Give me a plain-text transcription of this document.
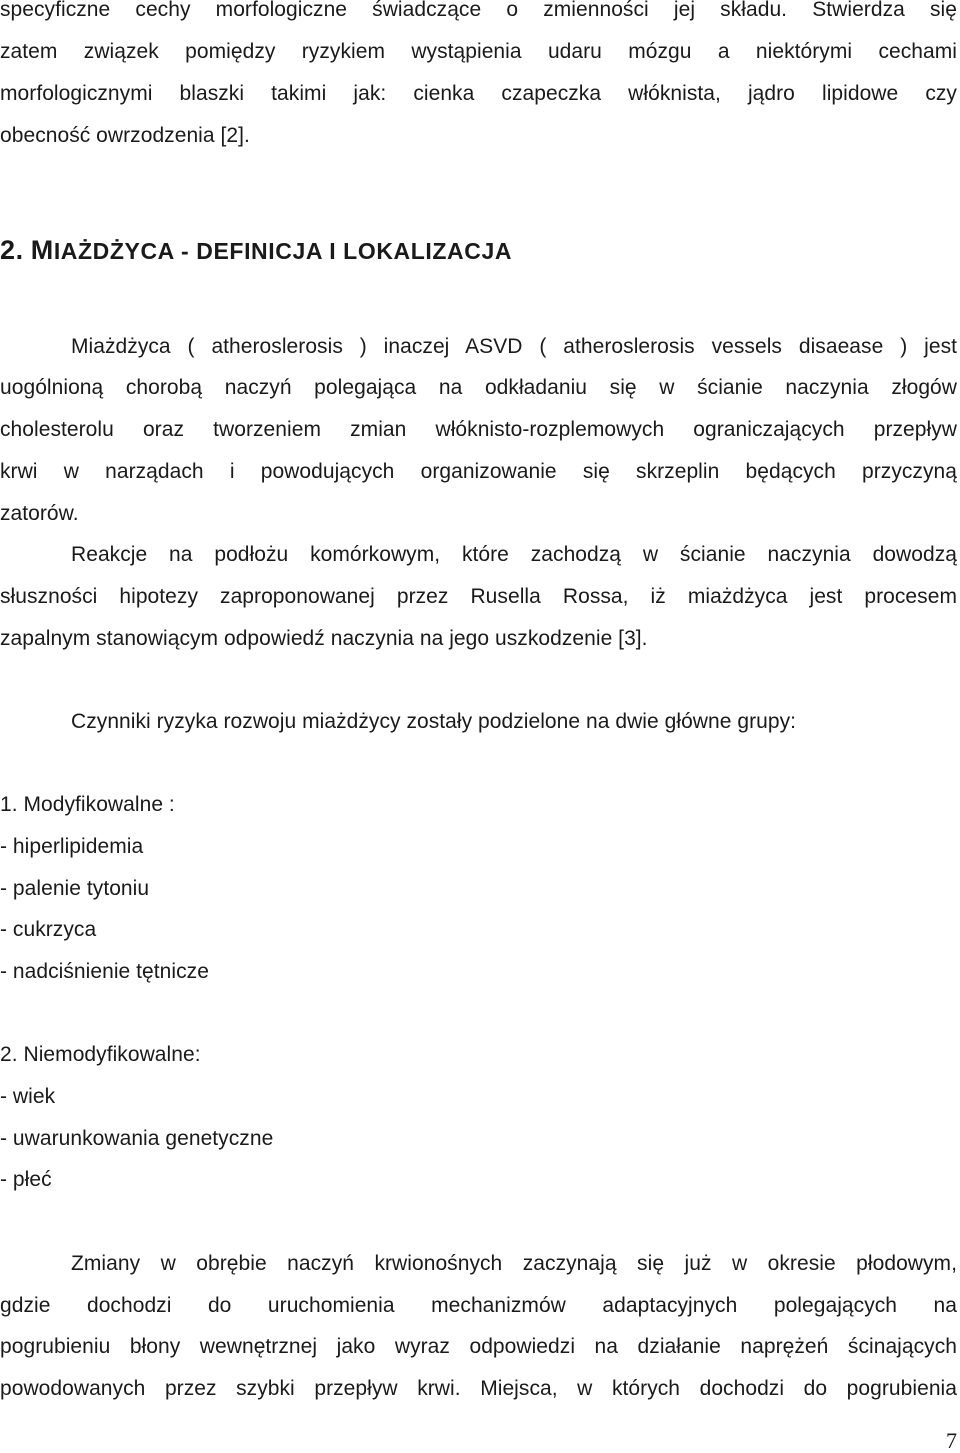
specyficzne cechy morfologiczne świadczące o zmienności jej składu. Stwierdza się
zatem związek pomiędzy ryzykiem wystąpienia udaru mózgu a niektórymi cechami
morfologicznymi blaszki takimi jak: cienka czapeczka włóknista, jądro lipidowe czy
obecność owrzodzenia [2].
2. MIAŻDŻYCA - DEFINICJA I LOKALIZACJA
Miażdżyca ( atheroslerosis ) inaczej ASVD ( atheroslerosis vessels disaease ) jest
uogólnioną chorobą naczyń polegająca na odkładaniu się w ścianie naczynia złogów
cholesterolu oraz tworzeniem zmian włóknisto-rozplemowych ograniczających przepływ
krwi w narządach i powodujących organizowanie się skrzeplin będących przyczyną
zatorów.
Reakcje na podłożu komórkowym, które zachodzą w ścianie naczynia dowodzą
słuszności hipotezy zaproponowanej przez Rusella Rossa, iż miażdżyca jest procesem
zapalnym stanowiącym odpowiedź naczynia na jego uszkodzenie [3].
Czynniki ryzyka rozwoju miażdżycy zostały podzielone na dwie główne grupy:
1. Modyfikowalne :
- hiperlipidemia
- palenie tytoniu
- cukrzyca
- nadciśnienie tętnicze
2. Niemodyfikowalne:
- wiek
- uwarunkowania genetyczne
- płeć
Zmiany w obrębie naczyń krwionośnych zaczynają się już w okresie płodowym,
gdzie dochodzi do uruchomienia mechanizmów adaptacyjnych polegających na
pogrubieniu błony wewnętrznej jako wyraz odpowiedzi na działanie naprężeń ścinających
powodowanych przez szybki przepływ krwi. Miejsca, w których dochodzi do pogrubienia
7
